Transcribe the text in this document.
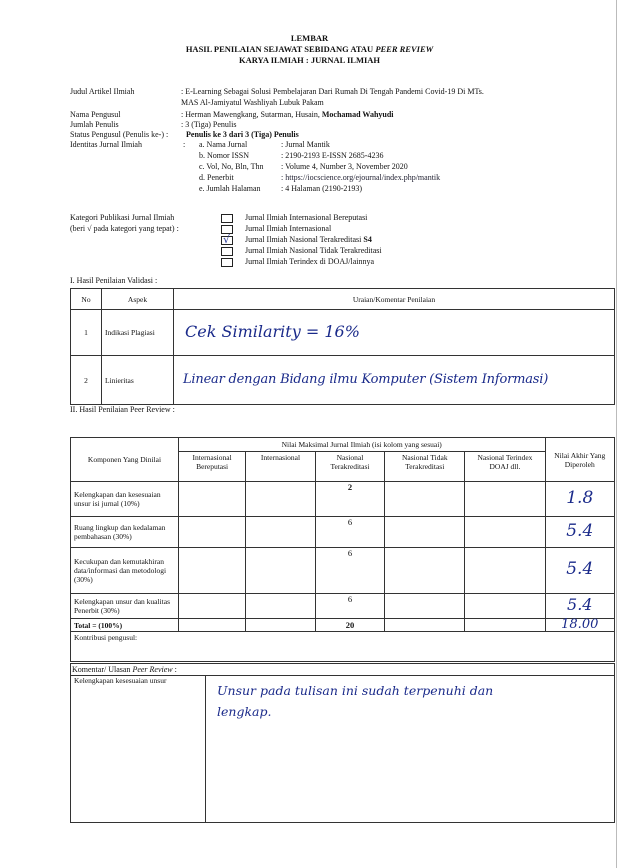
LEMBAR
HASIL PENILAIAN SEJAWAT SEBIDANG ATAU PEER REVIEW
KARYA ILMIAH : JURNAL ILMIAH
Judul Artikel Ilmiah	: E-Learning Sebagai Solusi Pembelajaran Dari Rumah Di Tengah Pandemi Covid-19 Di MTs.
MAS Al-Jamiyatul Washliyah Lubuk Pakam
Nama Pengusul	: Herman Mawengkang, Sutarman, Husain, Mochamad Wahyudi
Jumlah Penulis	: 3 (Tiga) Penulis
Status Pengusul (Penulis ke-) : Penulis ke 3 dari 3 (Tiga) Penulis
Identitas Jurnal Ilmiah	: a. Nama Jurnal	: Jurnal Mantik
b. Nomor ISSN	: 2190-2193 E-ISSN 2685-4236
c. Vol, No, Bln, Thn : Volume 4, Number 3, November 2020
d. Penerbit	: https://iocscience.org/ejournal/index.php/mantik
e. Jumlah Halaman	: 4 Halaman (2190-2193)
Kategori Publikasi Jurnal Ilmiah
(beri √ pada kategori yang tepat) :
Jurnal Ilmiah Internasional Bereputasi
Jurnal Ilmiah Internasional
√ Jurnal Ilmiah Nasional Terakreditasi S4
Jurnal Ilmiah Nasional Tidak Terakreditasi
Jurnal Ilmiah Terindex di DOAJ/lainnya
I. Hasil Penilaian Validasi :
No	Aspek	Uraian/Komentar Penilaian
1	Indikasi Plagiasi	Cek Similarity = 16%
2	Linieritas	Linear dengan Bidang ilmu Komputer (Sistem Informasi)
II. Hasil Penilaian Peer Review :
Komponen Yang Dinilai	Nilai Maksimal Jurnal Ilmiah (isi kolom yang sesuai)					Nilai Akhir Yang Diperoleh
	Internasional Bereputasi	Internasional	Nasional Terakreditasi	Nasional Tidak Terakreditasi	Nasional Terindex DOAJ dll.	
Kelengkapan dan kesesuaian unsur isi jurnal (10%)			2			1.8
Ruang lingkup dan kedalaman pembahasan (30%)			6			5.4
Kecukupan dan kemutakhiran data/informasi dan metodologi (30%)			6			5.4
Kelengkapan unsur dan kualitas Penerbit (30%)			6			5.4
Total = (100%)			20			18.00
Kontribusi pengusul:						
Komentar/ Ulasan Peer Review :
Kelengkapan kesesuaian unsur
Unsur pada tulisan ini sudah terpenuhi dan
lengkap.
